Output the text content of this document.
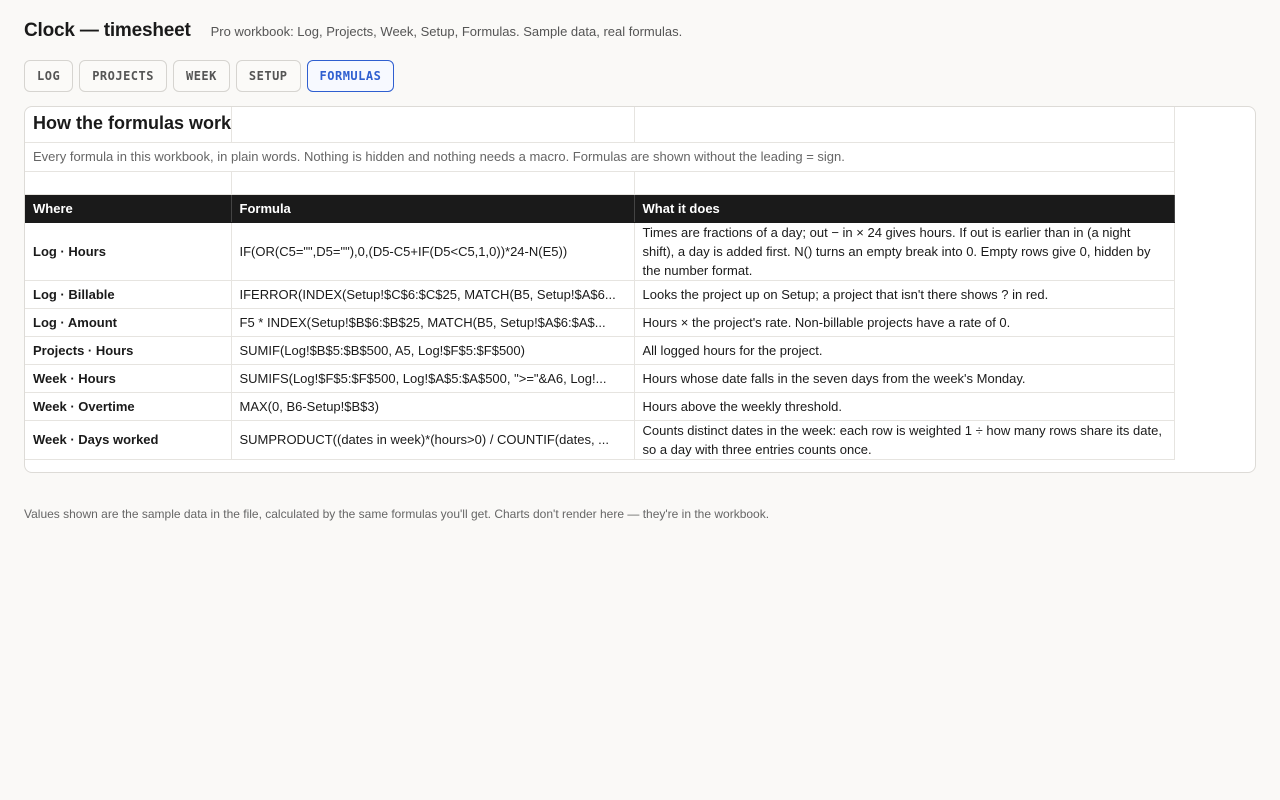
Clock — timesheet Pro workbook: Log, Projects, Week, Setup, Formulas. Sample data, real formulas.
LOG	PROJECTS	WEEK	SETUP	FORMULAS
How the formulas work		
Every formula in this workbook, in plain words. Nothing is hidden and nothing needs a macro. Formulas are shown without the leading = sign.		

Where	Formula	What it does
Log · Hours	IF(OR(C5="",D5=""),0,(D5-C5+IF(D5<C5,1,0))*24-N(E5))	Times are fractions of a day; out − in × 24 gives hours. If out is earlier than in (a night shift), a day is added first. N() turns an empty break into 0. Empty rows give 0, hidden by the number format.
Log · Billable	IFERROR(INDEX(Setup!$C$6:$C$25, MATCH(B5, Setup!$A$6...	Looks the project up on Setup; a project that isn't there shows ? in red.
Log · Amount	F5 * INDEX(Setup!$B$6:$B$25, MATCH(B5, Setup!$A$6:$A$...	Hours × the project's rate. Non-billable projects have a rate of 0.
Projects · Hours	SUMIF(Log!$B$5:$B$500, A5, Log!$F$5:$F$500)	All logged hours for the project.
Week · Hours	SUMIFS(Log!$F$5:$F$500, Log!$A$5:$A$500, ">="&A6, Log!...	Hours whose date falls in the seven days from the week's Monday.
Week · Overtime	MAX(0, B6-Setup!$B$3)	Hours above the weekly threshold.
Week · Days worked	SUMPRODUCT((dates in week)*(hours>0) / COUNTIF(dates, ...	Counts distinct dates in the week: each row is weighted 1 ÷ how many rows share its date, so a day with three entries counts once.
Values shown are the sample data in the file, calculated by the same formulas you'll get. Charts don't render here — they're in the workbook.
